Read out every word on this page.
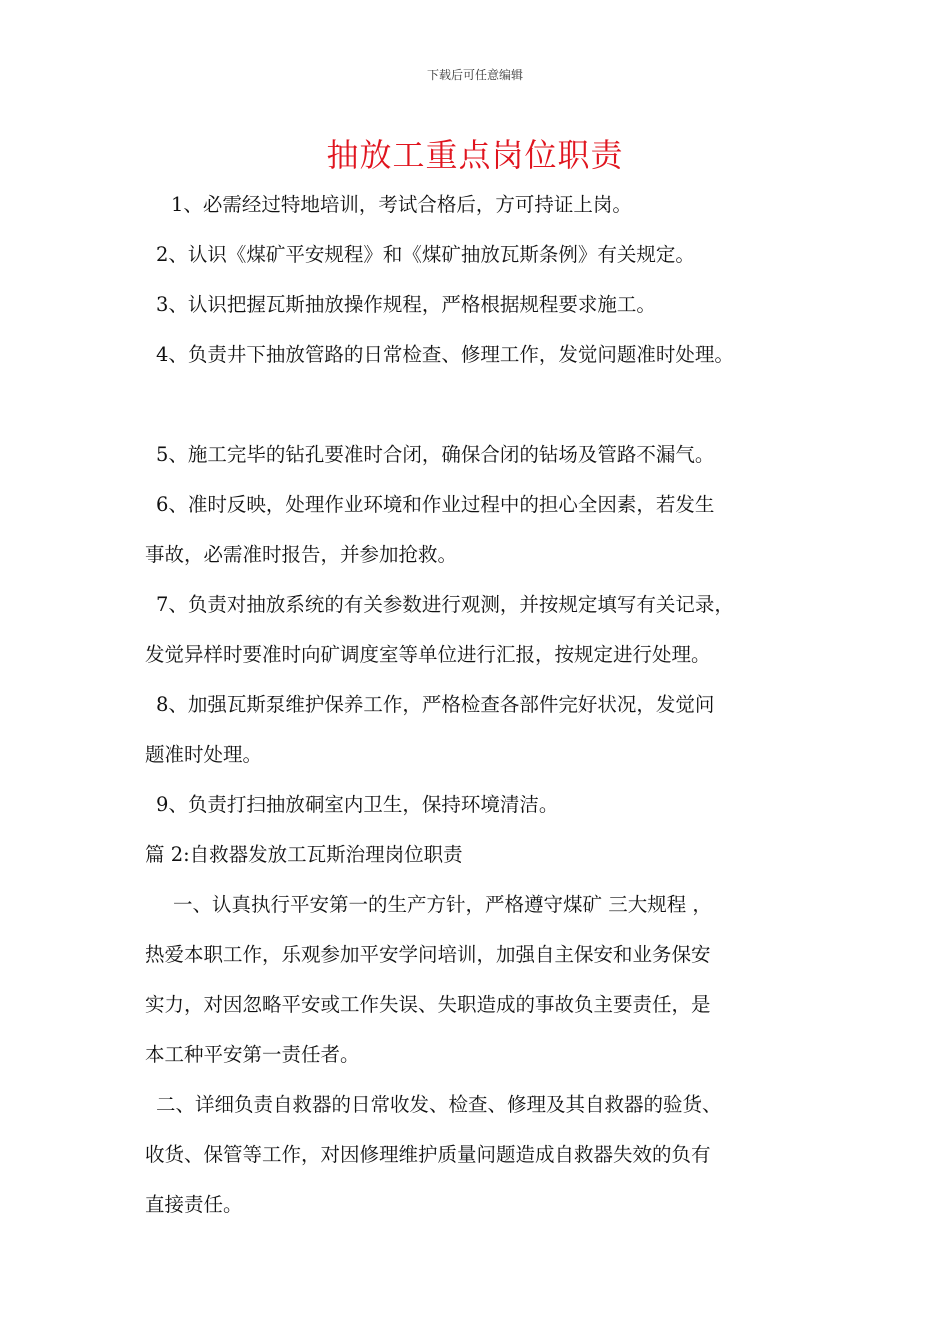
下载后可任意编辑
抽放工重点岗位职责
1、必需经过特地培训，考试合格后，方可持证上岗。
2、认识《煤矿平安规程》和《煤矿抽放瓦斯条例》有关规定。
3、认识把握瓦斯抽放操作规程，严格根据规程要求施工。
4、负责井下抽放管路的日常检查、修理工作，发觉问题准时处理。
5、施工完毕的钻孔要准时合闭，确保合闭的钻场及管路不漏气。
6、准时反映，处理作业环境和作业过程中的担心全因素，若发生
事故，必需准时报告，并参加抢救。
7、负责对抽放系统的有关参数进行观测，并按规定填写有关记录，
发觉异样时要准时向矿调度室等单位进行汇报，按规定进行处理。
8、加强瓦斯泵维护保养工作，严格检查各部件完好状况，发觉问
题准时处理。
9、负责打扫抽放硐室内卫生，保持环境清洁。
篇 2:自救器发放工瓦斯治理岗位职责
一、认真执行平安第一的生产方针，严格遵守煤矿 三大规程 ，
热爱本职工作，乐观参加平安学问培训，加强自主保安和业务保安
实力，对因忽略平安或工作失误、失职造成的事故负主要责任，是
本工种平安第一责任者。
二、详细负责自救器的日常收发、检查、修理及其自救器的验货、
收货、保管等工作，对因修理维护质量问题造成自救器失效的负有
直接责任。
